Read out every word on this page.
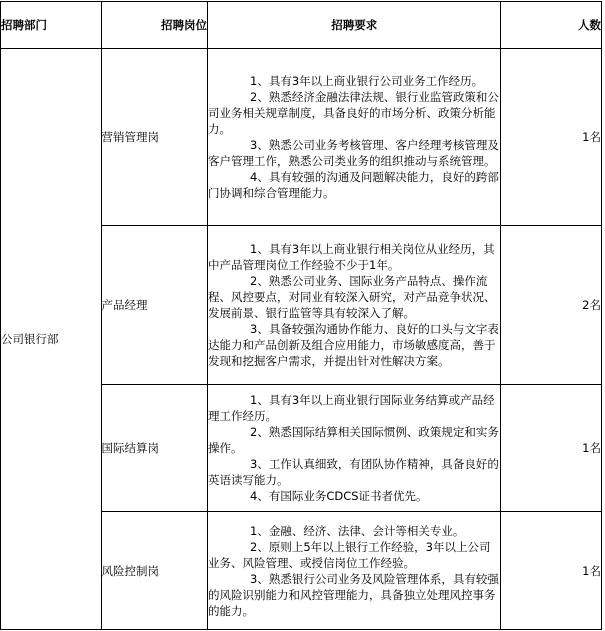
招聘部门	招聘岗位	招聘要求	人数
公司银行部	营销管理岗	1、具有3年以上商业银行公司业务工作经历。
2、熟悉经济金融法律法规、银行业监管政策和公司业务相关规章制度，具备良好的市场分析、政策分析能力。
3、熟悉公司业务考核管理、客户经理考核管理及客户管理工作，熟悉公司类业务的组织推动与系统管理。
4、具有较强的沟通及问题解决能力，良好的跨部门协调和综合管理能力。	1名
	产品经理	1、具有3年以上商业银行相关岗位从业经历，其中产品管理岗位工作经验不少于1年。
2、熟悉公司业务、国际业务产品特点、操作流程、风控要点，对同业有较深入研究，对产品竞争状况、发展前景、银行监管等具有较深入了解。
3、具备较强沟通协作能力、良好的口头与文字表达能力和产品创新及组合应用能力，市场敏感度高，善于发现和挖掘客户需求，并提出针对性解决方案。	2名
	国际结算岗	1、具有3年以上商业银行国际业务结算或产品经理工作经历。
2、熟悉国际结算相关国际惯例、政策规定和实务操作。
3、工作认真细致，有团队协作精神，具备良好的英语读写能力。
4、有国际业务CDCS证书者优先。	1名
	风险控制岗	1、金融、经济、法律、会计等相关专业。
2、原则上5年以上银行工作经验，3年以上公司业务、风险管理、或授信岗位工作经验。
3、熟悉银行公司业务及风险管理体系，具有较强的风险识别能力和风控管理能力，具备独立处理风控事务的能力。	1名
